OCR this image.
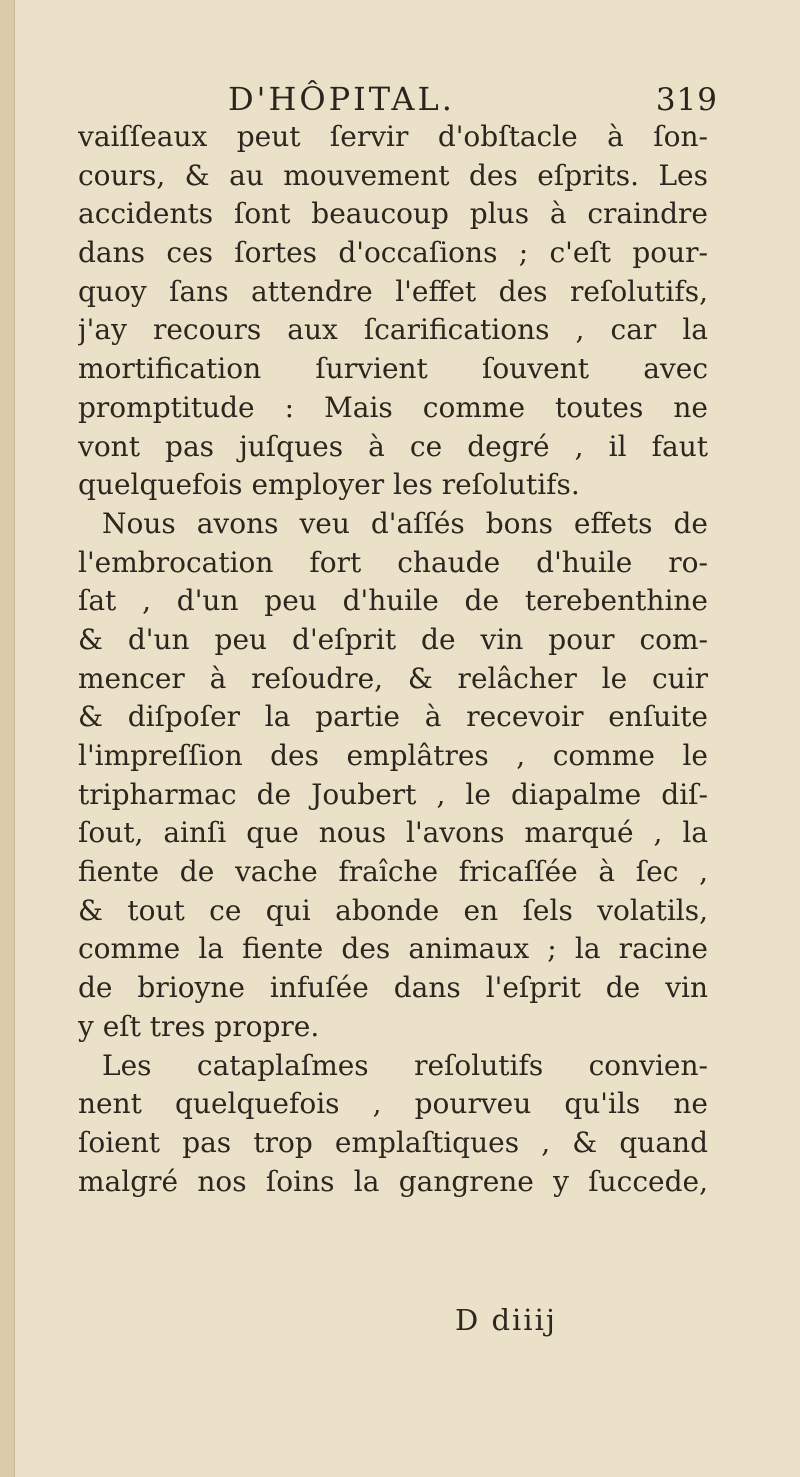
D'HÔPITAL.	319
vaiſſeaux peut ſervir d'obſtacle à ſon-
cours, & au mouvement des eſprits. Les
accidents ſont beaucoup plus à craindre
dans ces ſortes d'occaſions ; c'eſt pour-
quoy ſans attendre l'effet des reſolutifs,
j'ay recours aux ſcarifications , car la
mortification ſurvient ſouvent avec
promptitude : Mais comme toutes ne
vont pas juſques à ce degré , il faut
quelquefois employer les reſolutifs.
Nous avons veu d'aſſés bons effets de
l'embrocation fort chaude d'huile ro-
ſat , d'un peu d'huile de terebenthine
& d'un peu d'eſprit de vin pour com-
mencer à reſoudre, & relâcher le cuir
& diſpoſer la partie à recevoir enſuite
l'impreſſion des emplâtres , comme le
tripharmac de Joubert , le diapalme diſ-
ſout, ainſi que nous l'avons marqué , la
fiente de vache fraîche fricaſſée à ſec ,
& tout ce qui abonde en ſels volatils,
comme la fiente des animaux ; la racine
de brioyne infuſée dans l'eſprit de vin
y eſt tres propre.
Les cataplaſmes reſolutifs convien-
nent quelquefois , pourveu qu'ils ne
ſoient pas trop emplaſtiques , & quand
malgré nos ſoins la gangrene y ſuccede,
D diiij
